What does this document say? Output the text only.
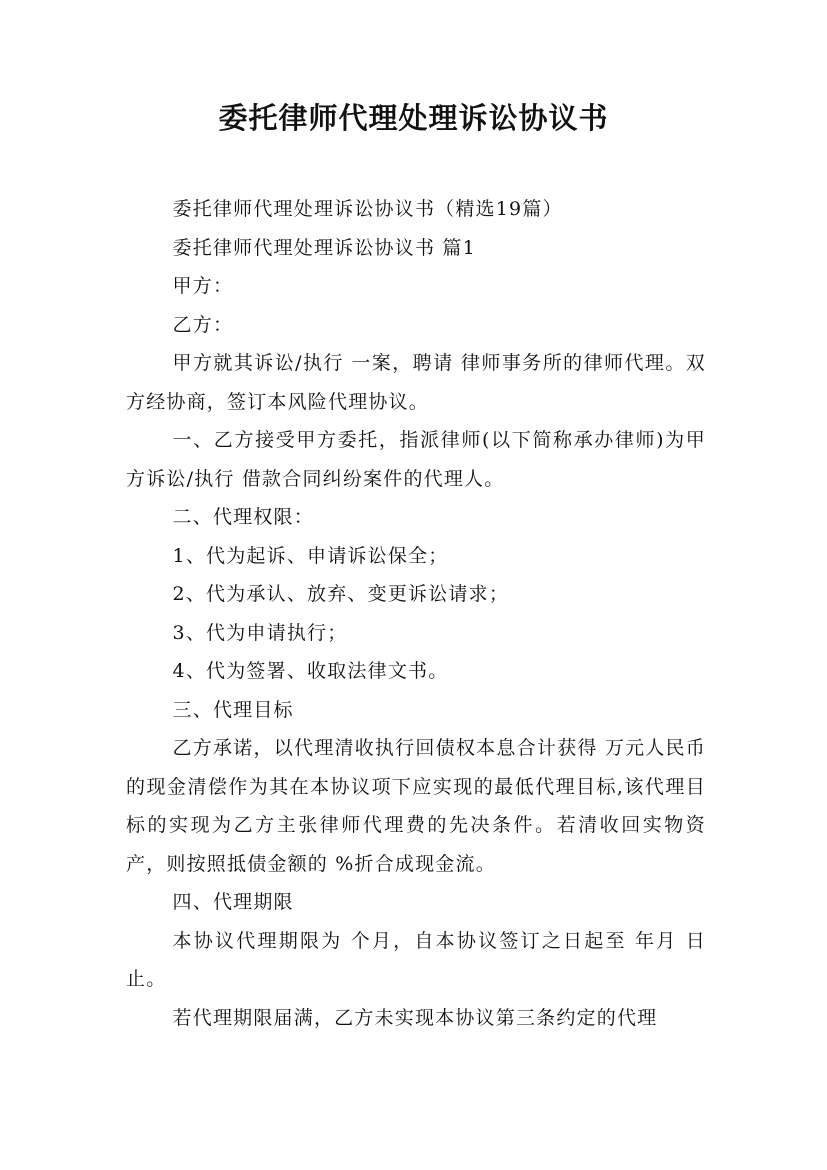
委托律师代理处理诉讼协议书

委托律师代理处理诉讼协议书（精选19篇）

委托律师代理处理诉讼协议书 篇1

甲方：

乙方：

甲方就其诉讼/执行 一案，聘请 律师事务所的律师代理。双方经协商，签订本风险代理协议。

一、乙方接受甲方委托，指派律师(以下简称承办律师)为甲方诉讼/执行 借款合同纠纷案件的代理人。

二、代理权限：

1、代为起诉、申请诉讼保全；

2、代为承认、放弃、变更诉讼请求；

3、代为申请执行；

4、代为签署、收取法律文书。

三、代理目标

乙方承诺，以代理清收执行回债权本息合计获得 万元人民币的现金清偿作为其在本协议项下应实现的最低代理目标,该代理目标的实现为乙方主张律师代理费的先决条件。若清收回实物资产，则按照抵债金额的 %折合成现金流。

四、代理期限

本协议代理期限为 个月，自本协议签订之日起至 年月 日止。

若代理期限届满，乙方未实现本协议第三条约定的代理
